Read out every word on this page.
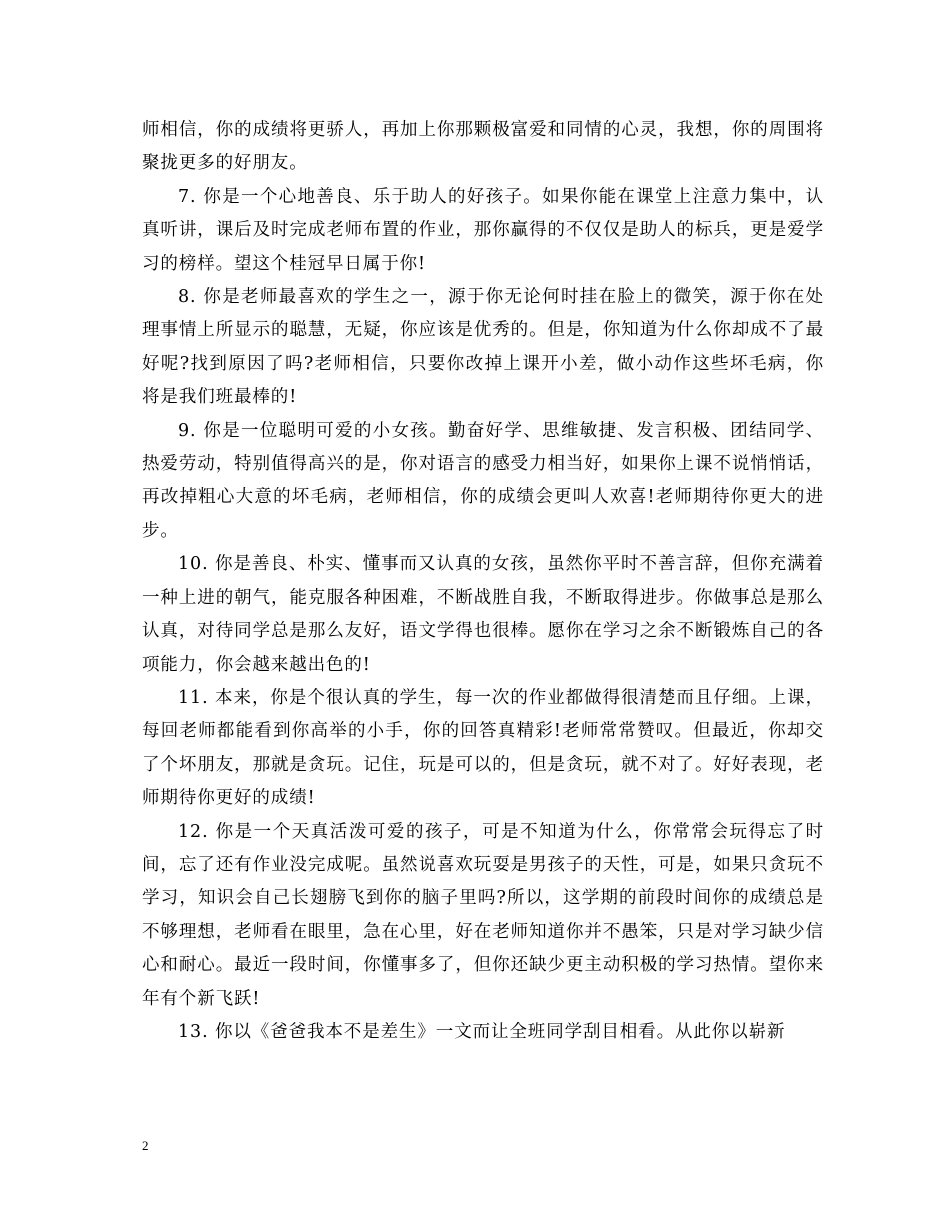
师相信，你的成绩将更骄人，再加上你那颗极富爱和同情的心灵，我想，你的周围将聚拢更多的好朋友。

7. 你是一个心地善良、乐于助人的好孩子。如果你能在课堂上注意力集中，认真听讲，课后及时完成老师布置的作业，那你赢得的不仅仅是助人的标兵，更是爱学习的榜样。望这个桂冠早日属于你!

8. 你是老师最喜欢的学生之一，源于你无论何时挂在脸上的微笑，源于你在处理事情上所显示的聪慧，无疑，你应该是优秀的。但是，你知道为什么你却成不了最好呢?找到原因了吗?老师相信，只要你改掉上课开小差，做小动作这些坏毛病，你将是我们班最棒的!

9. 你是一位聪明可爱的小女孩。勤奋好学、思维敏捷、发言积极、团结同学、热爱劳动，特别值得高兴的是，你对语言的感受力相当好，如果你上课不说悄悄话，再改掉粗心大意的坏毛病，老师相信，你的成绩会更叫人欢喜!老师期待你更大的进步。

10. 你是善良、朴实、懂事而又认真的女孩，虽然你平时不善言辞，但你充满着一种上进的朝气，能克服各种困难，不断战胜自我，不断取得进步。你做事总是那么认真，对待同学总是那么友好，语文学得也很棒。愿你在学习之余不断锻炼自己的各项能力，你会越来越出色的!

11. 本来，你是个很认真的学生，每一次的作业都做得很清楚而且仔细。上课，每回老师都能看到你高举的小手，你的回答真精彩!老师常常赞叹。但最近，你却交了个坏朋友，那就是贪玩。记住，玩是可以的，但是贪玩，就不对了。好好表现，老师期待你更好的成绩!

12. 你是一个天真活泼可爱的孩子，可是不知道为什么，你常常会玩得忘了时间，忘了还有作业没完成呢。虽然说喜欢玩耍是男孩子的天性，可是，如果只贪玩不学习，知识会自己长翅膀飞到你的脑子里吗?所以，这学期的前段时间你的成绩总是不够理想，老师看在眼里，急在心里，好在老师知道你并不愚笨，只是对学习缺少信心和耐心。最近一段时间，你懂事多了，但你还缺少更主动积极的学习热情。望你来年有个新飞跃!

13. 你以《爸爸我本不是差生》一文而让全班同学刮目相看。从此你以崭新

2
